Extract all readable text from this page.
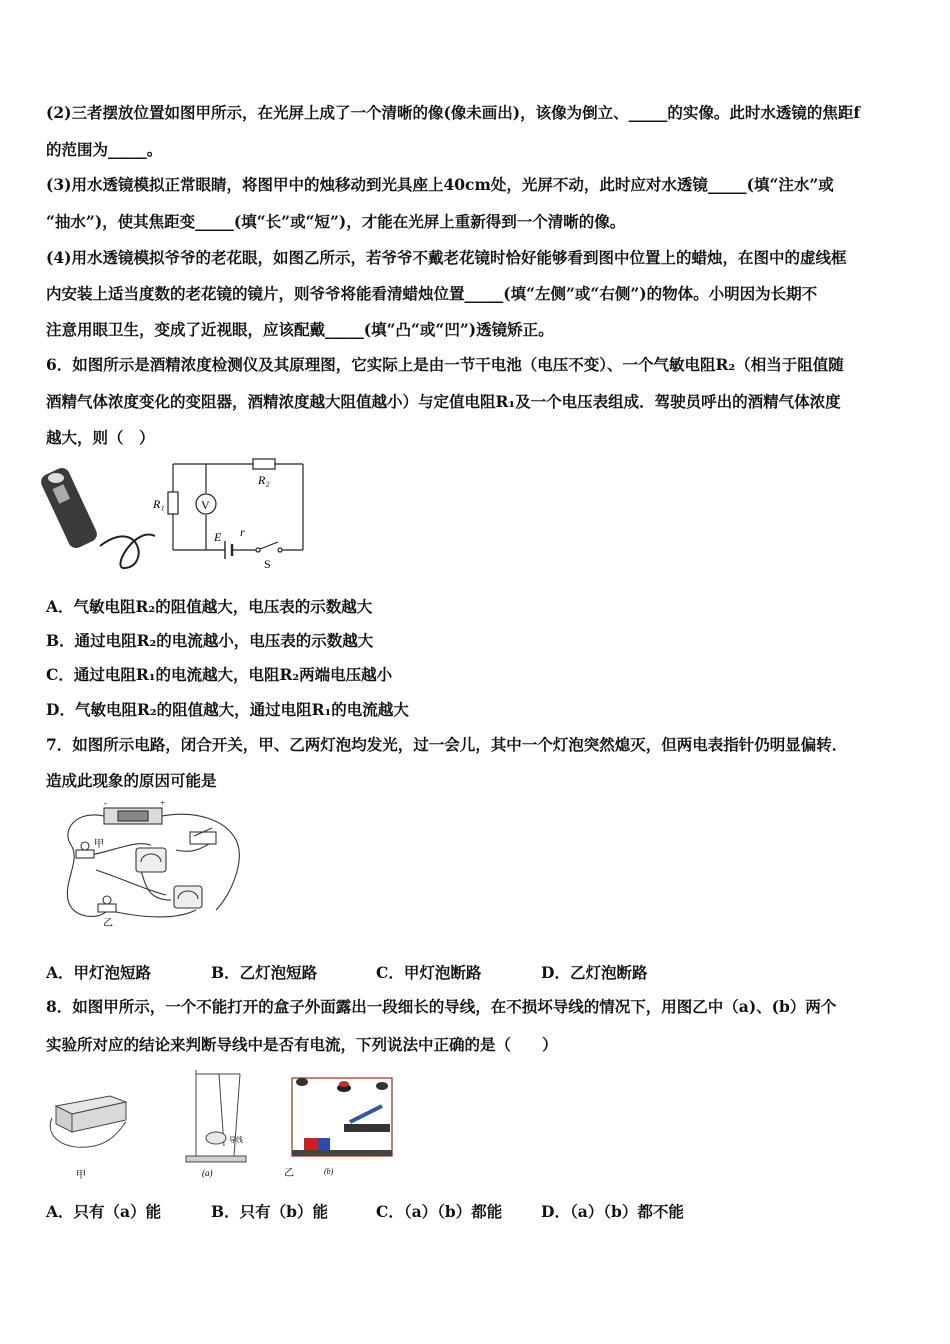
(2)三者摆放位置如图甲所示，在光屏上成了一个清晰的像(像未画出)，该像为倒立、_____的实像。此时水透镜的焦距f
的范围为_____。
(3)用水透镜模拟正常眼睛，将图甲中的烛移动到光具座上40cm处，光屏不动，此时应对水透镜_____(填“注水”或
“抽水”)，使其焦距变_____(填“长”或“短”)，才能在光屏上重新得到一个清晰的像。
(4)用水透镜模拟爷爷的老花眼，如图乙所示，若爷爷不戴老花镜时恰好能够看到图中位置上的蜡烛，在图中的虚线框
内安装上适当度数的老花镜的镜片，则爷爷将能看清蜡烛位置_____(填“左侧”或“右侧”)的物体。小明因为长期不
注意用眼卫生，变成了近视眼，应该配戴_____(填“凸“或“凹”)透镜矫正。
6．如图所示是酒精浓度检测仪及其原理图，它实际上是由一节干电池（电压不变）、一个气敏电阻R₂（相当于阻值随
酒精气体浓度变化的变阻器，酒精浓度越大阻值越小）与定值电阻R₁及一个电压表组成．驾驶员呼出的酒精气体浓度
越大，则（　）
R₂
R₁	V
E r
S
A．气敏电阻R₂的阻值越大，电压表的示数越大
B．通过电阻R₂的电流越小，电压表的示数越大
C．通过电阻R₁的电流越大，电阻R₂两端电压越小
D．气敏电阻R₂的阻值越大，通过电阻R₁的电流越大
7．如图所示电路，闭合开关，甲、乙两灯泡均发光，过一会儿，其中一个灯泡突然熄灭，但两电表指针仍明显偏转．
造成此现象的原因可能是
-	+
甲
乙
A．甲灯泡短路	B．乙灯泡短路	C．甲灯泡断路	D．乙灯泡断路
8．如图甲所示，一个不能打开的盒子外面露出一段细长的导线，在不损坏导线的情况下，用图乙中（a)、(b）两个
实验所对应的结论来判断导线中是否有电流，下列说法中正确的是（　　）
甲
导线
(a)	乙	(b)
A．只有（a）能	B．只有（b）能	C．（a）（b）都能	D．（a）（b）都不能
